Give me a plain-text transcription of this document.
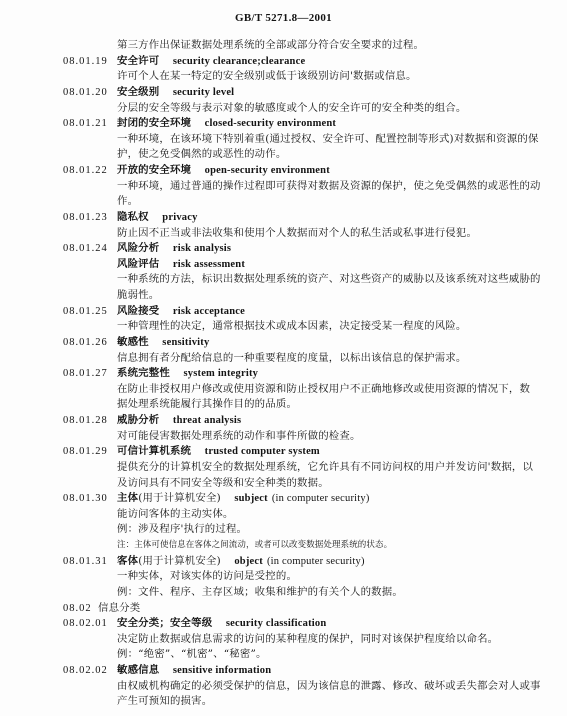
GB/T 5271.8—2001
第三方作出保证数据处理系统的全部或部分符合安全要求的过程。
08.01.19 安全许可 security clearance;clearance
许可个人在某一特定的安全级别或低于该级别访问'数据或信息。
08.01.20 安全级别 security level
分层的安全等级与表示对象的敏感度或个人的安全许可的安全种类的组合。
08.01.21 封闭的安全环境 closed-security environment
一种环境，在该环境下特别着重(通过授权、安全许可、配置控制等形式)对数据和资源的保
护，使之免受偶然的或恶性的动作。
08.01.22 开放的安全环境 open-security environment
一种环境，通过普通的操作过程即可获得对数据及资源的保护，使之免受偶然的或恶性的动
作。
08.01.23 隐私权 privacy
防止因不正当或非法收集和使用个人数据而对个人的私生活或私事进行侵犯。
08.01.24 风险分析 risk analysis
风险评估 risk assessment
一种系统的方法，标识出数据处理系统的资产、对这些资产的威胁以及该系统对这些威胁的
脆弱性。
08.01.25 风险接受 risk acceptance
一种管理性的决定，通常根据技术或成本因素，决定接受某一程度的风险。
08.01.26 敏感性 sensitivity
信息拥有者分配给信息的一种重要程度的度量，以标出该信息的保护需求。
08.01.27 系统完整性 system integrity
在防止非授权用户修改或使用资源和防止授权用户不正确地修改或使用资源的情况下，数
据处理系统能履行其操作目的的品质。
08.01.28 威胁分析 threat analysis
对可能侵害数据处理系统的动作和事件所做的检查。
08.01.29 可信计算机系统 trusted computer system
提供充分的计算机安全的数据处理系统，它允许具有不同访问权的用户并发访问'数据，以
及访问具有不同安全等级和安全种类的数据。
08.01.30 主体(用于计算机安全) subject (in computer security)
能访问客体的主动实体。
例：涉及程序'执行的过程。
注：主体可使信息在客体之间流动，或者可以改变数据处理系统的状态。
08.01.31 客体(用于计算机安全) object (in computer security)
一种实体，对该实体的访问是受控的。
例：文件、程序、主存区域；收集和维护的有关个人的数据。
08.02 信息分类
08.02.01 安全分类；安全等级 security classification
决定防止数据或信息需求的访问的某种程度的保护，同时对该保护程度给以命名。
例：“绝密”、“机密”、“秘密”。
08.02.02 敏感信息 sensitive information
由权威机构确定的必须受保护的信息，因为该信息的泄露、修改、破坏或丢失都会对人或事
产生可预知的损害。
